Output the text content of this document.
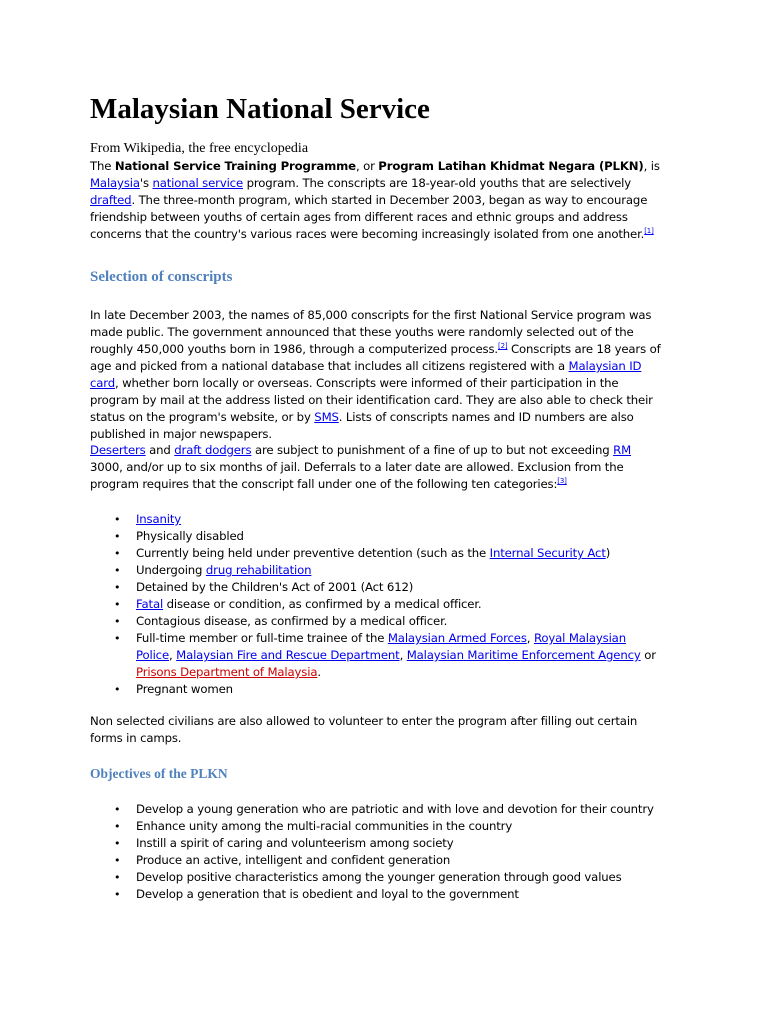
Malaysian National Service

From Wikipedia, the free encyclopedia

The National Service Training Programme, or Program Latihan Khidmat Negara (PLKN), is Malaysia's national service program. The conscripts are 18-year-old youths that are selectively drafted. The three-month program, which started in December 2003, began as way to encourage friendship between youths of certain ages from different races and ethnic groups and address concerns that the country's various races were becoming increasingly isolated from one another.[1]

Selection of conscripts

In late December 2003, the names of 85,000 conscripts for the first National Service program was made public. The government announced that these youths were randomly selected out of the roughly 450,000 youths born in 1986, through a computerized process.[2] Conscripts are 18 years of age and picked from a national database that includes all citizens registered with a Malaysian ID card, whether born locally or overseas. Conscripts were informed of their participation in the program by mail at the address listed on their identification card. They are also able to check their status on the program's website, or by SMS. Lists of conscripts names and ID numbers are also published in major newspapers.

Deserters and draft dodgers are subject to punishment of a fine of up to but not exceeding RM 3000, and/or up to six months of jail. Deferrals to a later date are allowed. Exclusion from the program requires that the conscript fall under one of the following ten categories:[3]

• Insanity
• Physically disabled
• Currently being held under preventive detention (such as the Internal Security Act)
• Undergoing drug rehabilitation
• Detained by the Children's Act of 2001 (Act 612)
• Fatal disease or condition, as confirmed by a medical officer.
• Contagious disease, as confirmed by a medical officer.
• Full-time member or full-time trainee of the Malaysian Armed Forces, Royal Malaysian Police, Malaysian Fire and Rescue Department, Malaysian Maritime Enforcement Agency or Prisons Department of Malaysia.
• Pregnant women

Non selected civilians are also allowed to volunteer to enter the program after filling out certain forms in camps.

Objectives of the PLKN
• Develop a young generation who are patriotic and with love and devotion for their country
• Enhance unity among the multi-racial communities in the country
• Instill a spirit of caring and volunteerism among society
• Produce an active, intelligent and confident generation
• Develop positive characteristics among the younger generation through good values
• Develop a generation that is obedient and loyal to the government
